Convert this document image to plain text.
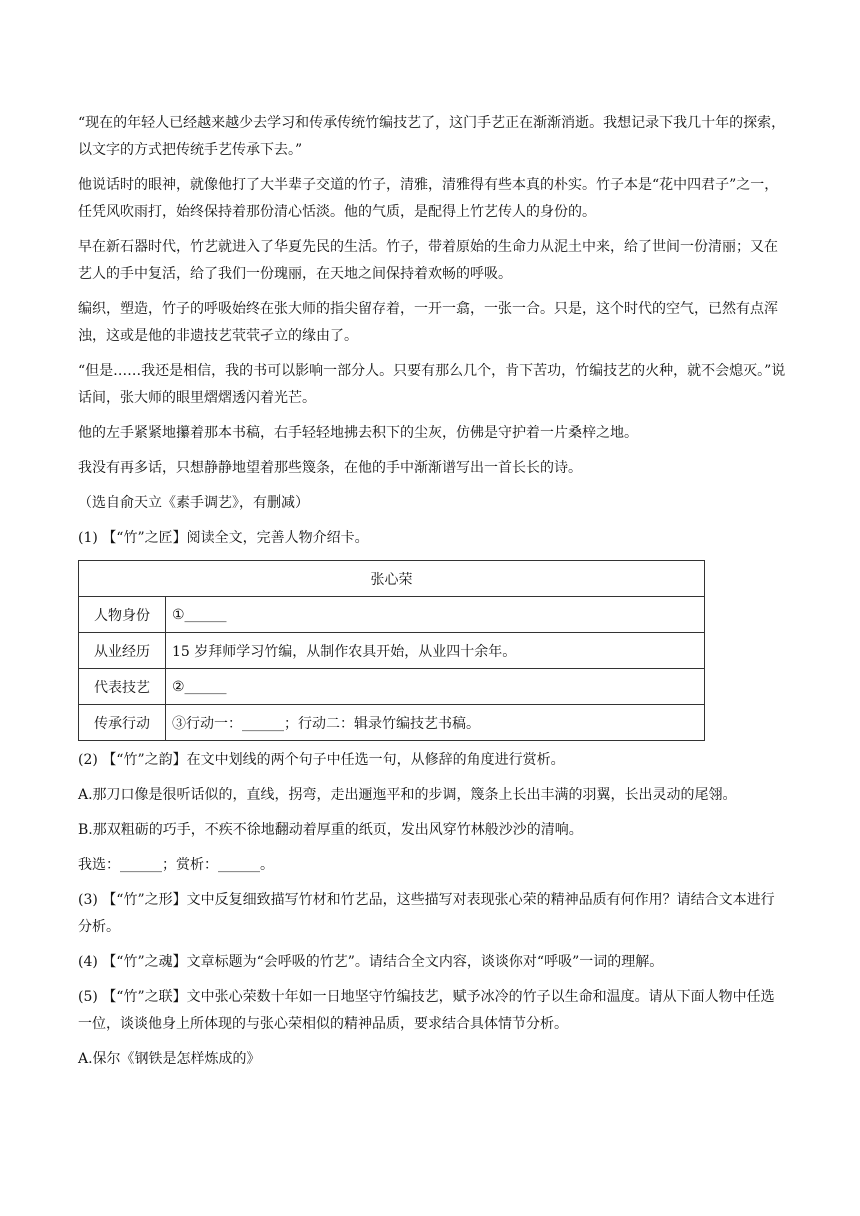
“现在的年轻人已经越来越少去学习和传承传统竹编技艺了，这门手艺正在渐渐消逝。我想记录下我几十年的探索，以文字的方式把传统手艺传承下去。”

他说话时的眼神，就像他打了大半辈子交道的竹子，清雅，清雅得有些本真的朴实。竹子本是“花中四君子”之一，任凭风吹雨打，始终保持着那份清心恬淡。他的气质，是配得上竹艺传人的身份的。

早在新石器时代，竹艺就进入了华夏先民的生活。竹子，带着原始的生命力从泥土中来，给了世间一份清丽；又在艺人的手中复活，给了我们一份瑰丽，在天地之间保持着欢畅的呼吸。

编织，塑造，竹子的呼吸始终在张大师的指尖留存着，一开一翕，一张一合。只是，这个时代的空气，已然有点浑浊，这或是他的非遗技艺茕茕孑立的缘由了。

“但是……我还是相信，我的书可以影响一部分人。只要有那么几个，肯下苦功，竹编技艺的火种，就不会熄灭。”说话间，张大师的眼里熠熠透闪着光芒。

他的左手紧紧地攥着那本书稿，右手轻轻地拂去积下的尘灰，仿佛是守护着一片桑梓之地。

我没有再多话，只想静静地望着那些篾条，在他的手中渐渐谱写出一首长长的诗。

（选自俞天立《素手调艺》，有删减）

(1) 【“竹”之匠】阅读全文，完善人物介绍卡。

张心荣	
人物身份	①______
从业经历	15 岁拜师学习竹编，从制作农具开始，从业四十余年。
代表技艺	②______
传承行动	③行动一：______；行动二：辑录竹编技艺书稿。

(2) 【“竹”之韵】在文中划线的两个句子中任选一句，从修辞的角度进行赏析。

A.那刀口像是很听话似的，直线，拐弯，走出逦迤平和的步调，篾条上长出丰满的羽翼，长出灵动的尾翎。

B.那双粗砺的巧手，不疾不徐地翻动着厚重的纸页，发出风穿竹林般沙沙的清响。

我选：______；赏析：______。

(3) 【“竹”之形】文中反复细致描写竹材和竹艺品，这些描写对表现张心荣的精神品质有何作用？请结合文本进行分析。

(4) 【“竹”之魂】文章标题为“会呼吸的竹艺”。请结合全文内容，谈谈你对“呼吸”一词的理解。

(5) 【“竹”之联】文中张心荣数十年如一日地坚守竹编技艺，赋予冰冷的竹子以生命和温度。请从下面人物中任选一位，谈谈他身上所体现的与张心荣相似的精神品质，要求结合具体情节分析。

A.保尔《钢铁是怎样炼成的》
